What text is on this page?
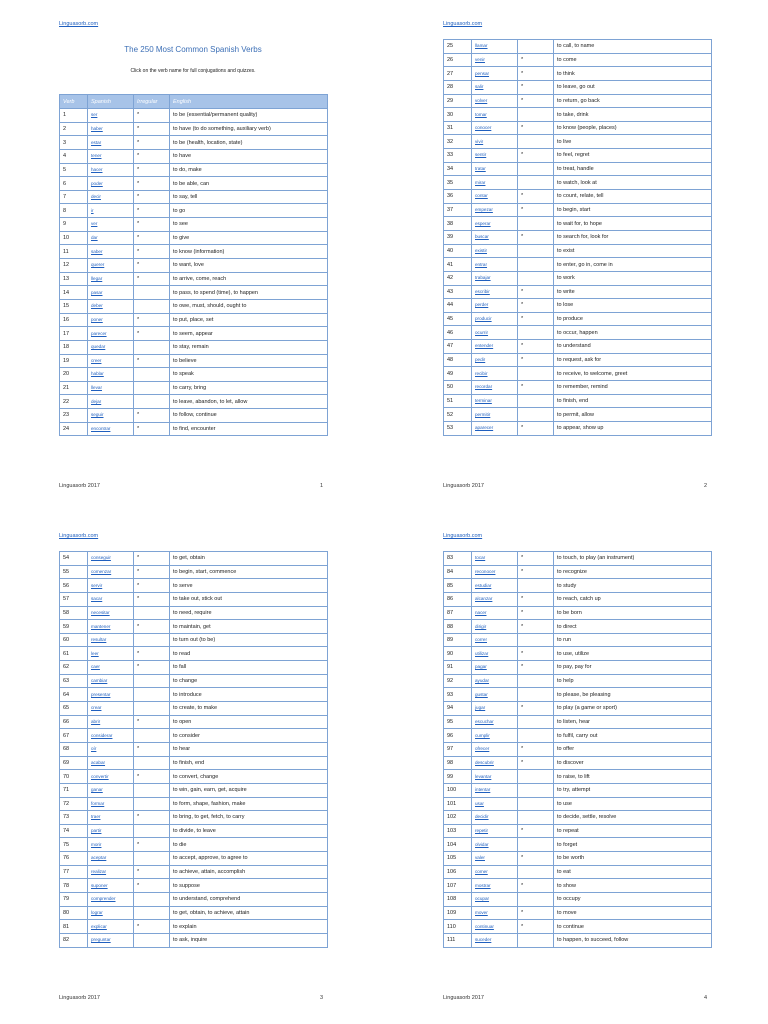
Linguasorb.com
The 250 Most Common Spanish Verbs
Click on the verb name for full conjugations and quizzes.
Verb	Spanish	Irregular	English
1	ser	*	to be (essential/permanent quality)
2	haber	*	to have (to do something, auxiliary verb)
3	estar	*	to be (health, location, state)
4	tener	*	to have
5	hacer	*	to do, make
6	poder	*	to be able, can
7	decir	*	to say, tell
8	ir	*	to go
9	ver	*	to see
10	dar	*	to give
11	saber	*	to know (information)
12	querer	*	to want, love
13	llegar	*	to arrive, come, reach
14	pasar		to pass, to spend (time), to happen
15	deber		to owe, must, should, ought to
16	poner	*	to put, place, set
17	parecer	*	to seem, appear
18	quedar		to stay, remain
19	creer	*	to believe
20	hablar		to speak
21	llevar		to carry, bring
22	dejar		to leave, abandon, to let, allow
23	seguir	*	to follow, continue
24	encontrar	*	to find, encounter
Linguasorb 2017	1
Linguasorb.com
25	llamar		to call, to name
26	venir	*	to come
27	pensar	*	to think
28	salir	*	to leave, go out
29	volver	*	to return, go back
30	tomar		to take, drink
31	conocer	*	to know (people, places)
32	vivir		to live
33	sentir	*	to feel, regret
34	tratar		to treat, handle
35	mirar		to watch, look at
36	contar	*	to count, relate, tell
37	empezar	*	to begin, start
38	esperar		to wait for, to hope
39	buscar	*	to search for, look for
40	existir		to exist
41	entrar		to enter, go in, come in
42	trabajar		to work
43	escribir	*	to write
44	perder	*	to lose
45	producir	*	to produce
46	ocurrir		to occur, happen
47	entender	*	to understand
48	pedir	*	to request, ask for
49	recibir		to receive, to welcome, greet
50	recordar	*	to remember, remind
51	terminar		to finish, end
52	permitir		to permit, allow
53	aparecer	*	to appear, show up
Linguasorb 2017	2
Linguasorb.com
54	conseguir	*	to get, obtain
55	comenzar	*	to begin, start, commence
56	servir	*	to serve
57	sacar	*	to take out, stick out
58	necesitar		to need, require
59	mantener	*	to maintain, get
60	resultar		to turn out (to be)
61	leer	*	to read
62	caer	*	to fall
63	cambiar		to change
64	presentar		to introduce
65	crear		to create, to make
66	abrir	*	to open
67	considerar		to consider
68	oír	*	to hear
69	acabar		to finish, end
70	convertir	*	to convert, change
71	ganar		to win, gain, earn, get, acquire
72	formar		to form, shape, fashion, make
73	traer	*	to bring, to get, fetch, to carry
74	partir		to divide, to leave
75	morir	*	to die
76	aceptar		to accept, approve, to agree to
77	realizar	*	to achieve, attain, accomplish
78	suponer	*	to suppose
79	comprender		to understand, comprehend
80	lograr		to get, obtain, to achieve, attain
81	explicar	*	to explain
82	preguntar		to ask, inquire
Linguasorb 2017	3
Linguasorb.com
83	tocar	*	to touch, to play (an instrument)
84	reconocer	*	to recognize
85	estudiar		to study
86	alcanzar	*	to reach, catch up
87	nacer	*	to be born
88	dirigir	*	to direct
89	correr		to run
90	utilizar	*	to use, utilize
91	pagar	*	to pay, pay for
92	ayudar		to help
93	gustar		to please, be pleasing
94	jugar	*	to play (a game or sport)
95	escuchar		to listen, hear
96	cumplir		to fulfil, carry out
97	ofrecer	*	to offer
98	descubrir	*	to discover
99	levantar		to raise, to lift
100	intentar		to try, attempt
101	usar		to use
102	decidir		to decide, settle, resolve
103	repetir	*	to repeat
104	olvidar		to forget
105	valer	*	to be worth
106	comer		to eat
107	mostrar	*	to show
108	ocupar		to occupy
109	mover	*	to move
110	continuar	*	to continue
111	suceder		to happen, to succeed, follow
Linguasorb 2017	4
